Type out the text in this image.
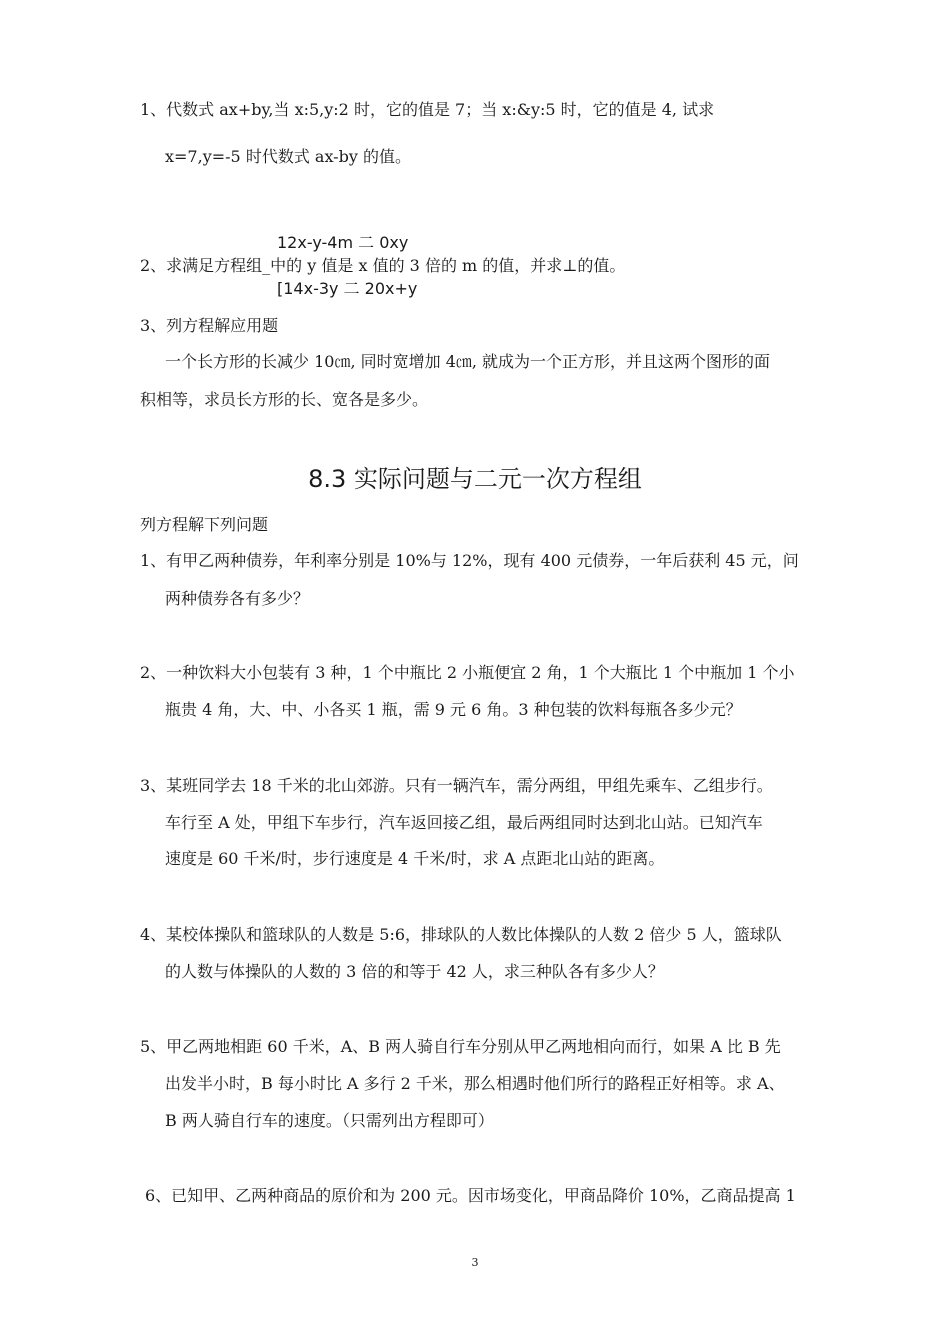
1、代数式 ax+by,当 x:5,y:2 时，它的值是 7；当 x:&y:5 时，它的值是 4, 试求
x=7,y=-5 时代数式 ax-by 的值。
12x-y-4m 二 0xy
2、求满足方程组_中的 y 值是 x 值的 3 倍的 m 的值，并求⊥的值。
[14x-3y 二 20x+y
3、列方程解应用题
一个长方形的长减少 10㎝, 同时宽增加 4㎝, 就成为一个正方形，并且这两个图形的面
积相等，求员长方形的长、宽各是多少。
8.3 实际问题与二元一次方程组
列方程解下列问题
1、有甲乙两种债券，年利率分别是 10%与 12%，现有 400 元债券，一年后获利 45 元，问
两种债券各有多少？
2、一种饮料大小包装有 3 种，1 个中瓶比 2 小瓶便宜 2 角，1 个大瓶比 1 个中瓶加 1 个小
瓶贵 4 角，大、中、小各买 1 瓶，需 9 元 6 角。3 种包装的饮料每瓶各多少元？
3、某班同学去 18 千米的北山郊游。只有一辆汽车，需分两组，甲组先乘车、乙组步行。
车行至 A 处，甲组下车步行，汽车返回接乙组，最后两组同时达到北山站。已知汽车
速度是 60 千米/时，步行速度是 4 千米/时，求 A 点距北山站的距离。
4、某校体操队和篮球队的人数是 5:6，排球队的人数比体操队的人数 2 倍少 5 人，篮球队
的人数与体操队的人数的 3 倍的和等于 42 人，求三种队各有多少人？
5、甲乙两地相距 60 千米，A、B 两人骑自行车分别从甲乙两地相向而行，如果 A 比 B 先
出发半小时，B 每小时比 A 多行 2 千米，那么相遇时他们所行的路程正好相等。求 A、
B 两人骑自行车的速度。（只需列出方程即可）
6、已知甲、乙两种商品的原价和为 200 元。因市场变化，甲商品降价 10%，乙商品提高 1
3
